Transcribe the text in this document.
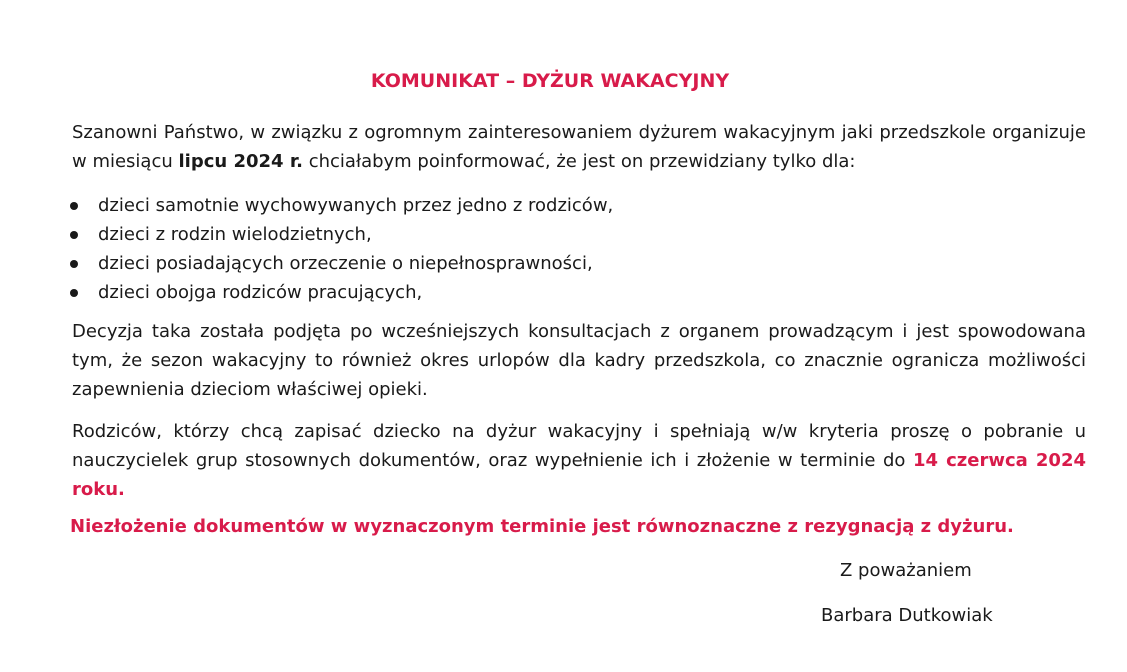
KOMUNIKAT – DYŻUR WAKACYJNY
Szanowni Państwo, w związku z ogromnym zainteresowaniem dyżurem wakacyjnym jaki przedszkole organizuje w miesiącu lipcu 2024 r. chciałabym poinformować, że jest on przewidziany tylko dla:
dzieci samotnie wychowywanych przez jedno z rodziców,
dzieci z rodzin wielodzietnych,
dzieci posiadających orzeczenie o niepełnosprawności,
dzieci obojga rodziców pracujących,
Decyzja taka została podjęta po wcześniejszych konsultacjach z organem prowadzącym i jest spowodowana tym, że sezon wakacyjny to również okres urlopów dla kadry przedszkola, co znacznie ogranicza możliwości zapewnienia dzieciom właściwej opieki.
Rodziców, którzy chcą zapisać dziecko na dyżur wakacyjny i spełniają w/w kryteria proszę o pobranie u nauczycielek grup stosownych dokumentów, oraz wypełnienie ich i złożenie w terminie do 14 czerwca 2024 roku.
Niezłożenie dokumentów w wyznaczonym terminie jest równoznaczne z rezygnacją z dyżuru.
Z poważaniem
Barbara Dutkowiak
